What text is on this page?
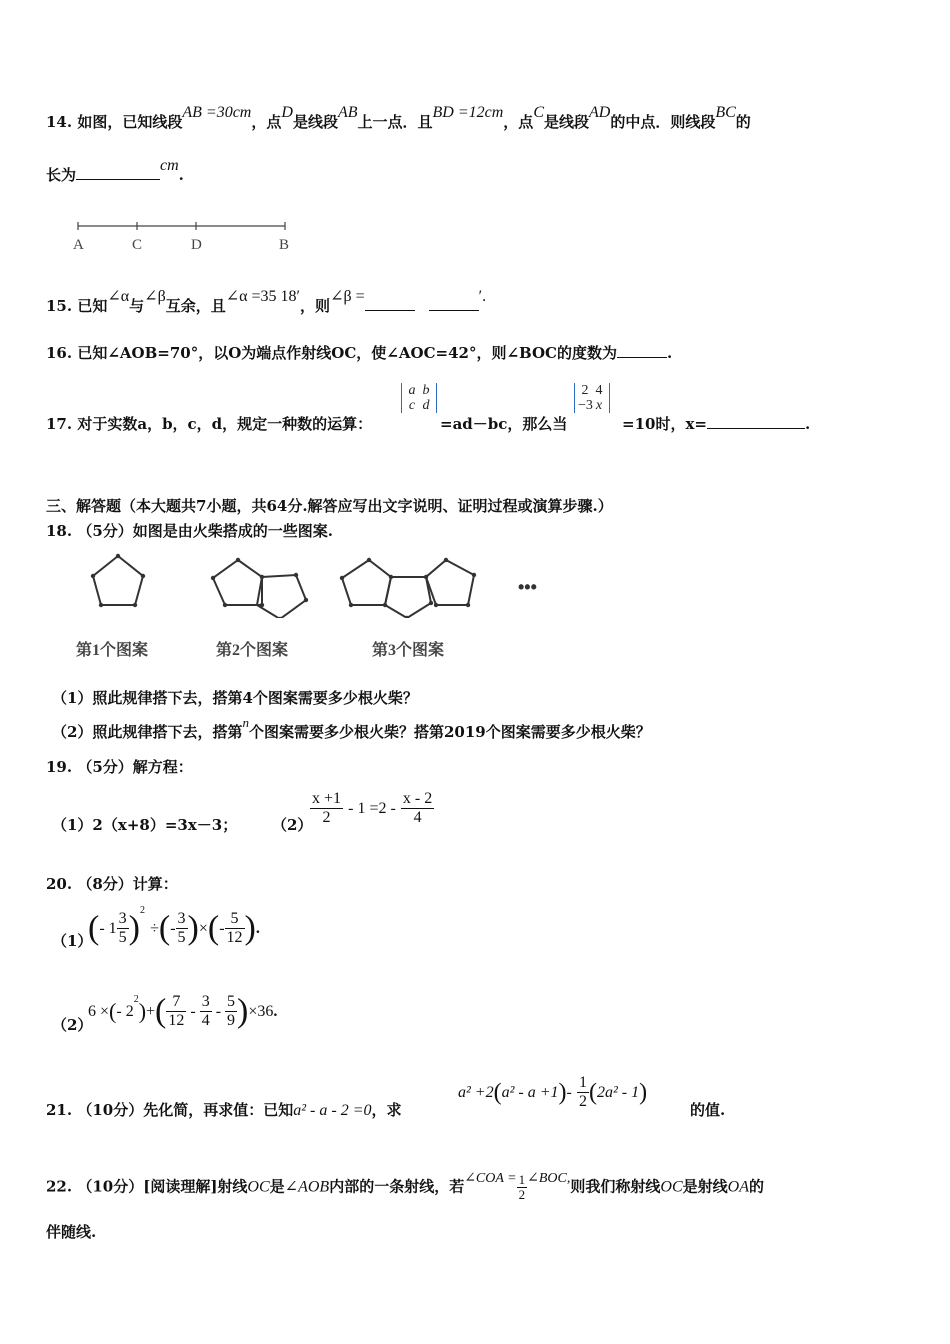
14. 如图，已知线段AB =30cm，点D是线段AB上一点．且BD =12cm，点C是线段AD的中点．则线段BC的
长为cm.
A	C	D	B
15. 已知∠α与∠β互余，且∠α =35 18′，则∠β =	′.
16. 已知∠AOB=70°，以O为端点作射线OC，使∠AOC=42°，则∠BOC的度数为	.
17. 对于实数a，b，c，d，规定一种数的运算：
a b
c d
=ad－bc，那么当
2 4
−3 x
=10时，x=	.
三、解答题（本大题共7小题，共64分.解答应写出文字说明、证明过程或演算步骤.）
18. （5分）如图是由火柴搭成的一些图案.
•••
第1个图案	第2个图案	第3个图案
（1）照此规律搭下去，搭第4个图案需要多少根火柴？
（2）照此规律搭下去，搭第n个图案需要多少根火柴？搭第2019个图案需要多少根火柴？
19. （5分）解方程：
（1）2（x+8）=3x－3； （2）
$\frac{x +1}{2} - 1 =2 - \frac{x - 2}{4}$
20. （8分）计算：
（1）
(- $1 \frac{3}{5} )^2$ ÷(- $\frac{3}{5}$ )×(- $\frac{5}{12}$ ).
（2）
6 ×(- $2^2)+( \frac{7}{12} - \frac{3}{4} - \frac{5}{9} )\times 36$.
21. （10分）先化简，再求值：已知a² - a - 2 =0，求
$a^2 +2(a^2 - a +1)- \frac{1}{2} (2a^2 - 1)$
的值.
22. （10分）[阅读理解]射线OC是∠AOB内部的一条射线，若∠COA = $\frac{1}{2}$ ∠BOC,则我们称射线OC是射线OA的
伴随线.
